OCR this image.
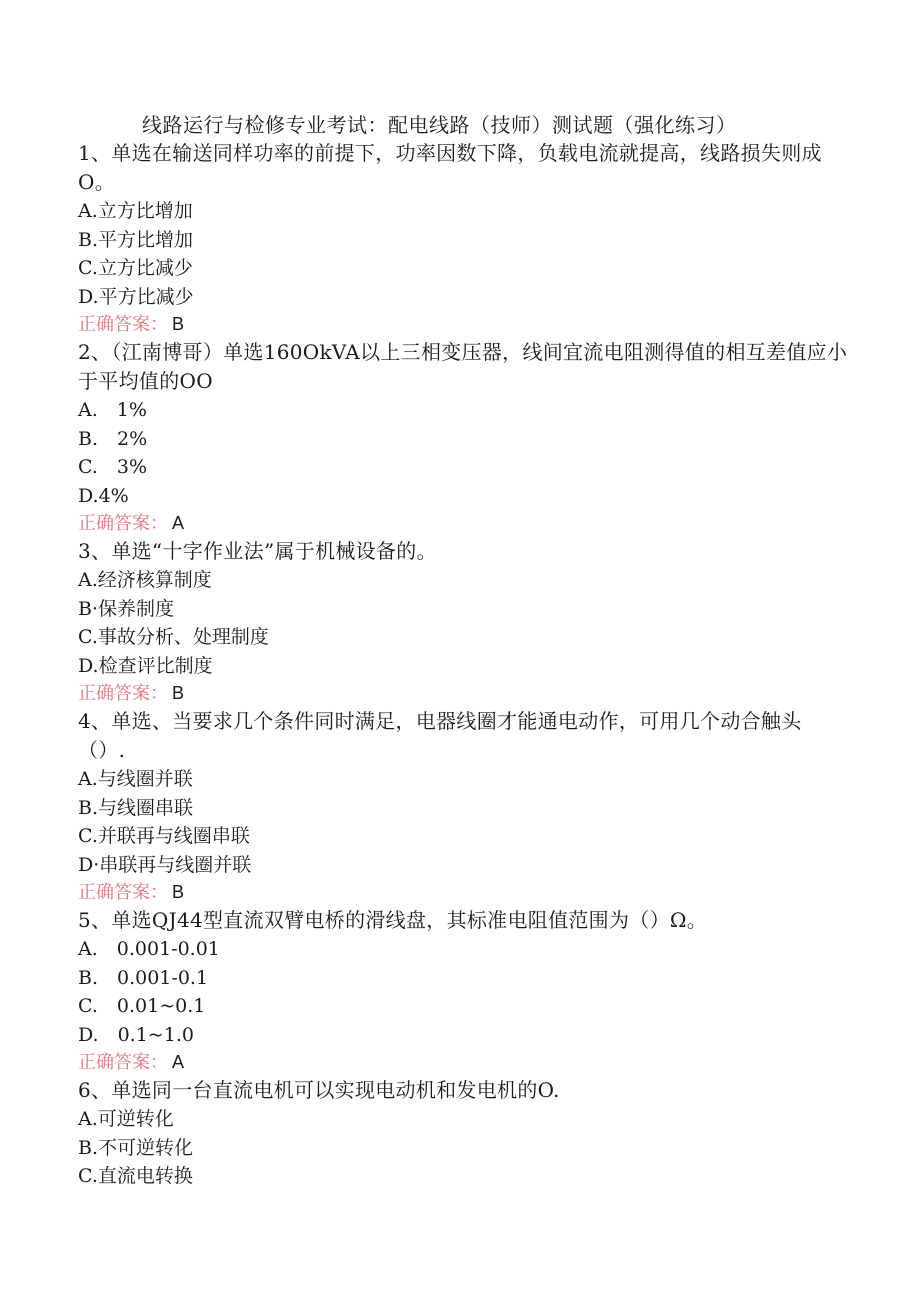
线路运行与检修专业考试：配电线路（技师）测试题（强化练习）

1、单选在输送同样功率的前提下，功率因数下降，负载电流就提高，线路损失则成O。

A.立方比增加

B.平方比增加

C.立方比减少

D.平方比减少

正确答案： B

2、（江南博哥）单选160OkVA以上三相变压器，线间宜流电阻测得值的相互差值应小于平均值的OO

A.　1%

B.　2%

C.　3%

D.4%

正确答案： A

3、单选“十字作业法”属于机械设备的。

A.经济核算制度

B·保养制度

C.事故分析、处理制度

D.检查评比制度

正确答案： B

4、单选、当要求几个条件同时满足，电器线圈才能通电动作，可用几个动合触头（）.

A.与线圈并联

B.与线圈串联

C.并联再与线圈串联

D·串联再与线圈并联

正确答案： B

5、单选QJ44型直流双臂电桥的滑线盘，其标准电阻值范围为（）Ω。

A.　0.001-0.01

B.　0.001-0.1

C.　0.01~0.1

D.　0.1~1.0

正确答案： A

6、单选同一台直流电机可以实现电动机和发电机的O.

A.可逆转化

B.不可逆转化

C.直流电转换
